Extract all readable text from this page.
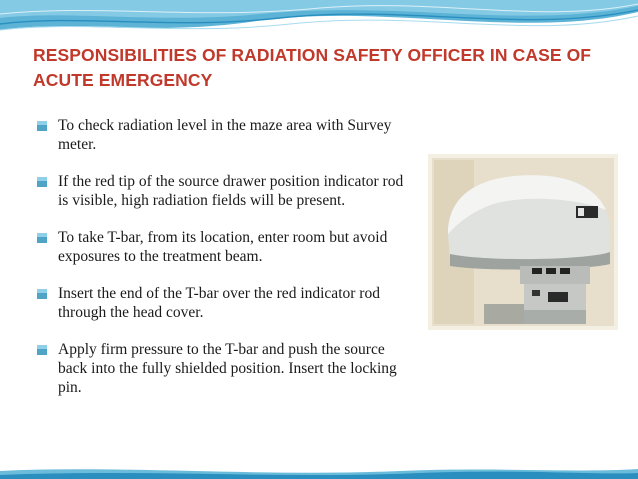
RESPONSIBILITIES OF RADIATION SAFETY OFFICER IN CASE OF ACUTE EMERGENCY
To check radiation level in the maze area with Survey meter.
If the red tip of the source drawer position indicator rod is visible, high radiation fields will be present.
To take T-bar, from its location, enter room but avoid exposures to the treatment beam.
Insert the end of the T-bar over the red indicator rod through the head cover.
Apply firm pressure to the T-bar and push the source back into the fully shielded position. Insert the locking pin.
